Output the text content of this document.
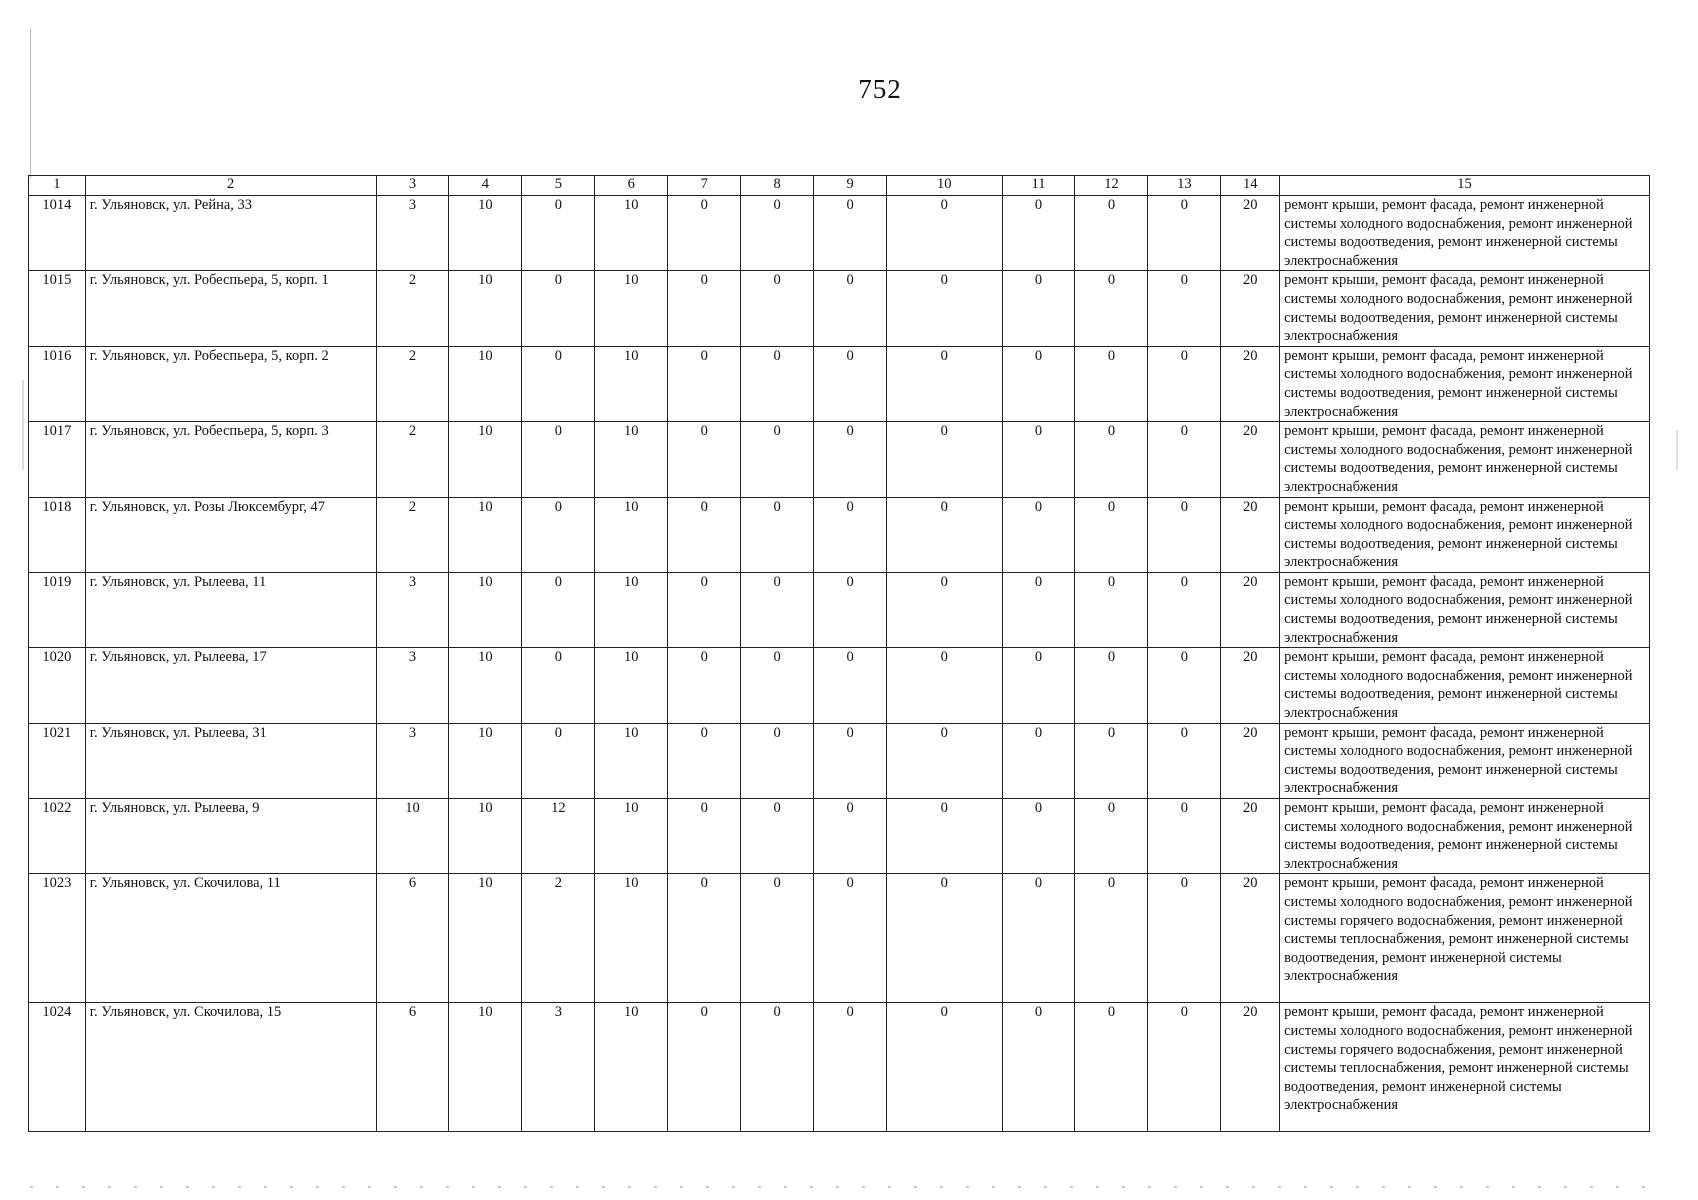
752
1	2	3	4	5	6	7	8	9	10	11	12	13	14	15
1014	г. Ульяновск, ул. Рейна, 33	3	10	0	10	0	0	0	0	0	0	0	20	ремонт крыши, ремонт фасада, ремонт инженерной системы холодного водоснабжения, ремонт инженерной системы водоотведения, ремонт инженерной системы электроснабжения
1015	г. Ульяновск, ул. Робеспьера, 5, корп. 1	2	10	0	10	0	0	0	0	0	0	0	20	ремонт крыши, ремонт фасада, ремонт инженерной системы холодного водоснабжения, ремонт инженерной системы водоотведения, ремонт инженерной системы электроснабжения
1016	г. Ульяновск, ул. Робеспьера, 5, корп. 2	2	10	0	10	0	0	0	0	0	0	0	20	ремонт крыши, ремонт фасада, ремонт инженерной системы холодного водоснабжения, ремонт инженерной системы водоотведения, ремонт инженерной системы электроснабжения
1017	г. Ульяновск, ул. Робеспьера, 5, корп. 3	2	10	0	10	0	0	0	0	0	0	0	20	ремонт крыши, ремонт фасада, ремонт инженерной системы холодного водоснабжения, ремонт инженерной системы водоотведения, ремонт инженерной системы электроснабжения
1018	г. Ульяновск, ул. Розы Люксембург, 47	2	10	0	10	0	0	0	0	0	0	0	20	ремонт крыши, ремонт фасада, ремонт инженерной системы холодного водоснабжения, ремонт инженерной системы водоотведения, ремонт инженерной системы электроснабжения
1019	г. Ульяновск, ул. Рылеева, 11	3	10	0	10	0	0	0	0	0	0	0	20	ремонт крыши, ремонт фасада, ремонт инженерной системы холодного водоснабжения, ремонт инженерной системы водоотведения, ремонт инженерной системы электроснабжения
1020	г. Ульяновск, ул. Рылеева, 17	3	10	0	10	0	0	0	0	0	0	0	20	ремонт крыши, ремонт фасада, ремонт инженерной системы холодного водоснабжения, ремонт инженерной системы водоотведения, ремонт инженерной системы электроснабжения
1021	г. Ульяновск, ул. Рылеева, 31	3	10	0	10	0	0	0	0	0	0	0	20	ремонт крыши, ремонт фасада, ремонт инженерной системы холодного водоснабжения, ремонт инженерной системы водоотведения, ремонт инженерной системы электроснабжения
1022	г. Ульяновск, ул. Рылеева, 9	10	10	12	10	0	0	0	0	0	0	0	20	ремонт крыши, ремонт фасада, ремонт инженерной системы холодного водоснабжения, ремонт инженерной системы водоотведения, ремонт инженерной системы электроснабжения
1023	г. Ульяновск, ул. Скочилова, 11	6	10	2	10	0	0	0	0	0	0	0	20	ремонт крыши, ремонт фасада, ремонт инженерной системы холодного водоснабжения, ремонт инженерной системы горячего водоснабжения, ремонт инженерной системы теплоснабжения, ремонт инженерной системы водоотведения, ремонт инженерной системы электроснабжения
1024	г. Ульяновск, ул. Скочилова, 15	6	10	3	10	0	0	0	0	0	0	0	20	ремонт крыши, ремонт фасада, ремонт инженерной системы холодного водоснабжения, ремонт инженерной системы горячего водоснабжения, ремонт инженерной системы теплоснабжения, ремонт инженерной системы водоотведения, ремонт инженерной системы электроснабжения
